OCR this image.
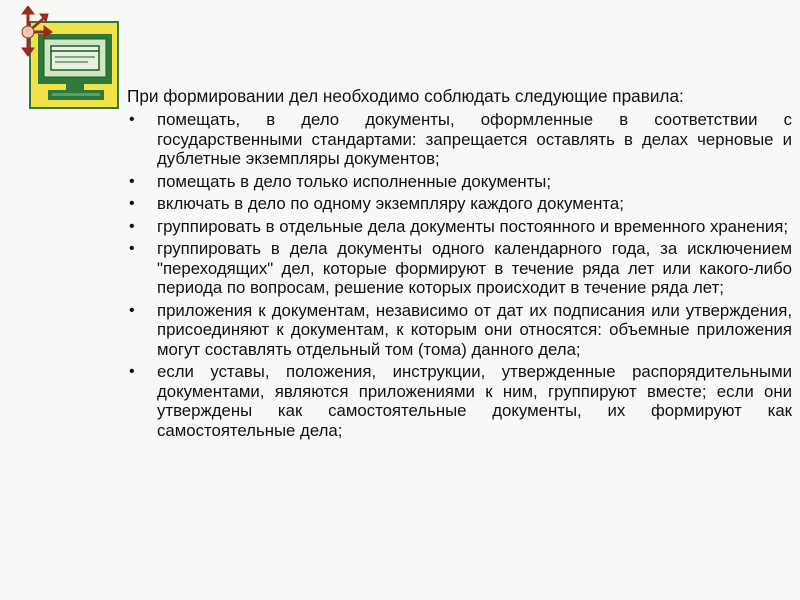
При формировании дел необходимо соблюдать следующие правила:

• помещать, в дело документы, оформленные в соответствии с государственными стандартами: запрещается оставлять в делах черновые и дублетные экземпляры документов;
• помещать в дело только исполненные документы;
• включать в дело по одному экземпляру каждого документа;
• группировать в отдельные дела документы постоянного и временного хранения;
• группировать в дела документы одного календарного года, за исключением "переходящих" дел, которые формируют в течение ряда лет или какого-либо периода по вопросам, решение которых происходит в течение ряда лет;
• приложения к документам, независимо от дат их подписания или утверждения, присоединяют к документам, к которым они относятся: объемные приложения могут составлять отдельный том (тома) данного дела;
• если уставы, положения, инструкции, утвержденные распорядительными документами, являются приложениями к ним, группируют вместе; если они утверждены как самостоятельные документы, их формируют как самостоятельные дела;
